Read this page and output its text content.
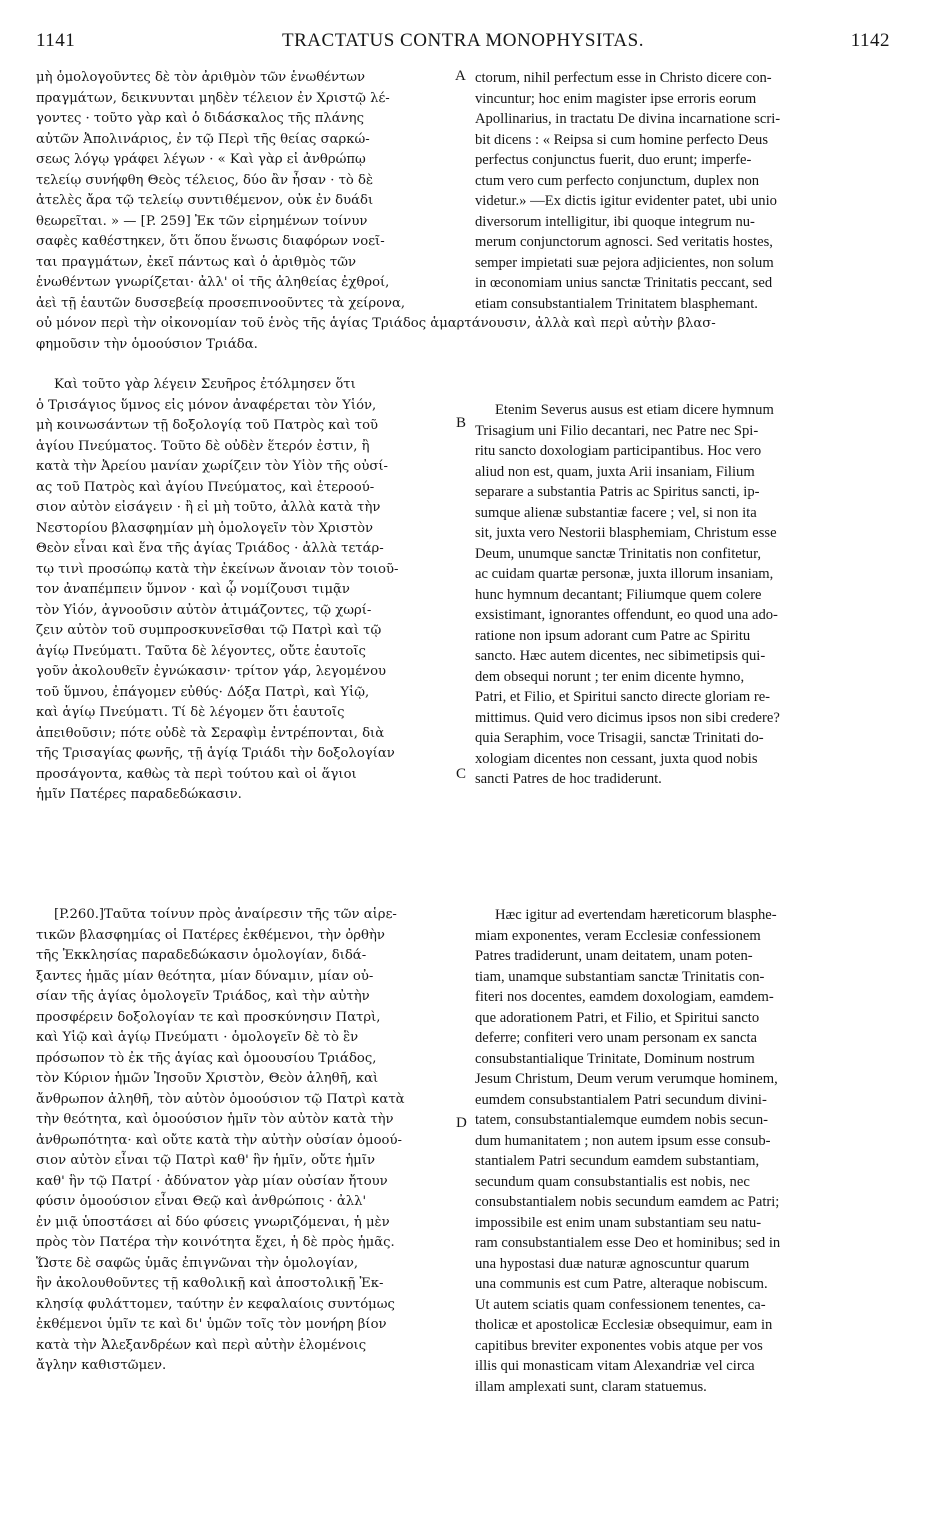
1141	TRACTATUS CONTRA MONOPHYSITAS.	1142
A
B
C
D
μὴ ὁμολογοῦντες δὲ τὸν ἀριθμὸν τῶν ἑνωθέντων
πραγμάτων, δεικνυνται μηδὲν τέλειον ἐν Χριστῷ λέ-
γοντες · τοῦτο γὰρ καὶ ὁ διδάσκαλος τῆς πλάνης
αὐτῶν Ἀπολινάριος, ἐν τῷ Περὶ τῆς θείας σαρκώ-
σεως λόγῳ γράφει λέγων · « Καὶ γὰρ εἰ ἀνθρώπῳ
τελείῳ συνήφθη Θεὸς τέλειος, δύο ἂν ἦσαν · τὸ δὲ
ἀτελὲς ἄρα τῷ τελείῳ συντιθέμενον, οὐκ ἐν δυάδι
θεωρεῖται. » — [P. 259] Ἐκ τῶν εἰρημένων τοίνυν
σαφὲς καθέστηκεν, ὅτι ὅπου ἕνωσις διαφόρων νοεῖ-
ται πραγμάτων, ἐκεῖ πάντως καὶ ὁ ἀριθμὸς τῶν
ἑνωθέντων γνωρίζεται· ἀλλ' οἱ τῆς ἀληθείας ἐχθροί,
ἀεὶ τῇ ἑαυτῶν δυσσεβείᾳ προσεπινοοῦντες τὰ χείρονα,
ctorum, nihil perfectum esse in Christo dicere con-
vincuntur; hoc enim magister ipse erroris eorum
Apollinarius, in tractatu De divina incarnatione scri-
bit dicens : « Reipsa si cum homine perfecto Deus
perfectus conjunctus fuerit, duo erunt; imperfe-
ctum vero cum perfecto conjunctum, duplex non
videtur.» —Ex dictis igitur evidenter patet, ubi unio
diversorum intelligitur, ibi quoque integrum nu-
merum conjunctorum agnosci. Sed veritatis hostes,
semper impietati suæ pejora adjicientes, non solum
in œconomiam unius sanctæ Trinitatis peccant, sed
etiam consubstantialem Trinitatem blasphemant.
οὐ μόνον περὶ τὴν οἰκονομίαν τοῦ ἑνὸς τῆς ἁγίας Τριάδος ἁμαρτάνουσιν, ἀλλὰ καὶ περὶ αὐτὴν βλασ-
φημοῦσιν τὴν ὁμοούσιον Τριάδα.
Καὶ τοῦτο γὰρ λέγειν Σευῆρος ἐτόλμησεν ὅτι
ὁ Τρισάγιος ὕμνος εἰς μόνον ἀναφέρεται τὸν Υἱόν,
μὴ κοινωσάντων τῇ δοξολογίᾳ τοῦ Πατρὸς καὶ τοῦ
ἁγίου Πνεύματος. Τοῦτο δὲ οὐδὲν ἕτερόν ἐστιν, ἢ
κατὰ τὴν Ἀρείου μανίαν χωρίζειν τὸν Υἱὸν τῆς οὐσί-
ας τοῦ Πατρὸς καὶ ἁγίου Πνεύματος, καὶ ἑτεροού-
σιον αὐτὸν εἰσάγειν · ἢ εἰ μὴ τοῦτο, ἀλλὰ κατὰ τὴν
Νεστορίου βλασφημίαν μὴ ὁμολογεῖν τὸν Χριστὸν
Θεὸν εἶναι καὶ ἕνα τῆς ἁγίας Τριάδος · ἀλλὰ τετάρ-
τῳ τινὶ προσώπῳ κατὰ τὴν ἐκείνων ἄνοιαν τὸν τοιοῦ-
τον ἀναπέμπειν ὕμνον · καὶ ᾧ νομίζουσι τιμᾷν
τὸν Υἱόν, ἀγνοοῦσιν αὐτὸν ἀτιμάζοντες, τῷ χωρί-
ζειν αὐτὸν τοῦ συμπροσκυνεῖσθαι τῷ Πατρὶ καὶ τῷ
ἁγίῳ Πνεύματι. Ταῦτα δὲ λέγοντες, οὔτε ἑαυτοῖς
γοῦν ἀκολουθεῖν ἐγνώκασιν· τρίτον γάρ, λεγομένου
τοῦ ὕμνου, ἐπάγομεν εὐθύς· Δόξα Πατρὶ, καὶ Υἱῷ,
καὶ ἁγίῳ Πνεύματι. Τί δὲ λέγομεν ὅτι ἑαυτοῖς
ἀπειθοῦσιν; πότε οὐδὲ τὰ Σεραφὶμ ἐντρέπονται, διὰ
τῆς Τρισαγίας φωνῆς, τῇ ἁγίᾳ Τριάδι τὴν δοξολογίαν
προσάγοντα, καθὼς τὰ περὶ τούτου καὶ οἱ ἅγιοι
ἡμῖν Πατέρες παραδεδώκασιν.
Etenim Severus ausus est etiam dicere hymnum
Trisagium uni Filio decantari, nec Patre nec Spi-
ritu sancto doxologiam participantibus. Hoc vero
aliud non est, quam, juxta Arii insaniam, Filium
separare a substantia Patris ac Spiritus sancti, ip-
sumque alienæ substantiæ facere ; vel, si non ita
sit, juxta vero Nestorii blasphemiam, Christum esse
Deum, unumque sanctæ Trinitatis non confitetur,
ac cuidam quartæ personæ, juxta illorum insaniam,
hunc hymnum decantant; Filiumque quem colere
exsistimant, ignorantes offendunt, eo quod una ado-
ratione non ipsum adorant cum Patre ac Spiritu
sancto. Hæc autem dicentes, nec sibimetipsis qui-
dem obsequi norunt ; ter enim dicente hymno,
Patri, et Filio, et Spiritui sancto directe gloriam re-
mittimus. Quid vero dicimus ipsos non sibi credere?
quia Seraphim, voce Trisagii, sanctæ Trinitati do-
xologiam dicentes non cessant, juxta quod nobis
sancti Patres de hoc tradiderunt.
[P.260.]Ταῦτα τοίνυν πρὸς ἀναίρεσιν τῆς τῶν αἱρε-
τικῶν βλασφημίας οἱ Πατέρες ἐκθέμενοι, τὴν ὀρθὴν
τῆς Ἐκκλησίας παραδεδώκασιν ὁμολογίαν, διδά-
ξαντες ἡμᾶς μίαν θεότητα, μίαν δύναμιν, μίαν οὐ-
σίαν τῆς ἁγίας ὁμολογεῖν Τριάδος, καὶ τὴν αὐτὴν
προσφέρειν δοξολογίαν τε καὶ προσκύνησιν Πατρὶ,
καὶ Υἱῷ καὶ ἁγίῳ Πνεύματι · ὁμολογεῖν δὲ τὸ ἓν
πρόσωπον τὸ ἐκ τῆς ἁγίας καὶ ὁμοουσίου Τριάδος,
τὸν Κύριον ἡμῶν Ἰησοῦν Χριστὸν, Θεὸν ἀληθῆ, καὶ
ἄνθρωπον ἀληθῆ, τὸν αὐτὸν ὁμοούσιον τῷ Πατρὶ κατὰ
τὴν θεότητα, καὶ ὁμοούσιον ἡμῖν τὸν αὐτὸν κατὰ τὴν
ἀνθρωπότητα· καὶ οὔτε κατὰ τὴν αὐτὴν οὐσίαν ὁμοού-
σιον αὐτὸν εἶναι τῷ Πατρὶ καθ' ἣν ἡμῖν, οὔτε ἡμῖν
καθ' ἣν τῷ Πατρί · ἀδύνατον γὰρ μίαν οὐσίαν ἤτουν
φύσιν ὁμοούσιον εἶναι Θεῷ καὶ ἀνθρώποις · ἀλλ'
ἐν μιᾷ ὑποστάσει αἱ δύο φύσεις γνωριζόμεναι, ἡ μὲν
πρὸς τὸν Πατέρα τὴν κοινότητα ἔχει, ἡ δὲ πρὸς ἡμᾶς.
Ὥστε δὲ σαφῶς ὑμᾶς ἐπιγνῶναι τὴν ὁμολογίαν,
ἣν ἀκολουθοῦντες τῇ καθολικῇ καὶ ἀποστολικῇ Ἐκ-
κλησίᾳ φυλάττομεν, ταύτην ἐν κεφαλαίοις συντόμως
ἐκθέμενοι ὑμῖν τε καὶ δι' ὑμῶν τοῖς τὸν μονήρη βίον
κατὰ τὴν Ἀλεξανδρέων καὶ περὶ αὐτὴν ἑλομένοις
ἄγλην καθιστῶμεν.
Hæc igitur ad evertendam hæreticorum blasphe-
miam exponentes, veram Ecclesiæ confessionem
Patres tradiderunt, unam deitatem, unam poten-
tiam, unamque substantiam sanctæ Trinitatis con-
fiteri nos docentes, eamdem doxologiam, eamdem-
que adorationem Patri, et Filio, et Spiritui sancto
deferre; confiteri vero unam personam ex sancta
consubstantialique Trinitate, Dominum nostrum
Jesum Christum, Deum verum verumque hominem,
eumdem consubstantialem Patri secundum divini-
tatem, consubstantialemque eumdem nobis secun-
dum humanitatem ; non autem ipsum esse consub-
stantialem Patri secundum eamdem substantiam,
secundum quam consubstantialis est nobis, nec
consubstantialem nobis secundum eamdem ac Patri;
impossibile est enim unam substantiam seu natu-
ram consubstantialem esse Deo et hominibus; sed in
una hypostasi duæ naturæ agnoscuntur quarum
una communis est cum Patre, alteraque nobiscum.
Ut autem sciatis quam confessionem tenentes, ca-
tholicæ et apostolicæ Ecclesiæ obsequimur, eam in
capitibus breviter exponentes vobis atque per vos
illis qui monasticam vitam Alexandriæ vel circa
illam amplexati sunt, claram statuemus.
